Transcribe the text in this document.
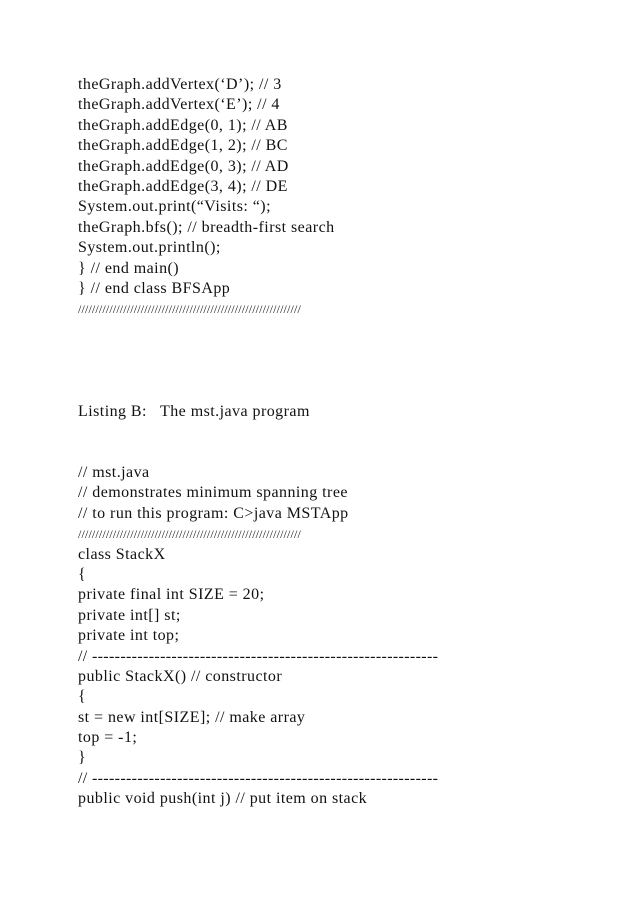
theGraph.addVertex(‘D’); // 3
theGraph.addVertex(‘E’); // 4
theGraph.addEdge(0, 1); // AB
theGraph.addEdge(1, 2); // BC
theGraph.addEdge(0, 3); // AD
theGraph.addEdge(3, 4); // DE
System.out.print(“Visits: “);
theGraph.bfs(); // breadth-first search
System.out.println();
} // end main()
} // end class BFSApp
////////////////////////////////////////////////////////////////
Listing B:   The mst.java program
// mst.java
// demonstrates minimum spanning tree
// to run this program: C>java MSTApp
////////////////////////////////////////////////////////////////
class StackX
{
private final int SIZE = 20;
private int[] st;
private int top;
// -------------------------------------------------------------
public StackX() // constructor
{
st = new int[SIZE]; // make array
top = -1;
}
// -------------------------------------------------------------
public void push(int j) // put item on stack
